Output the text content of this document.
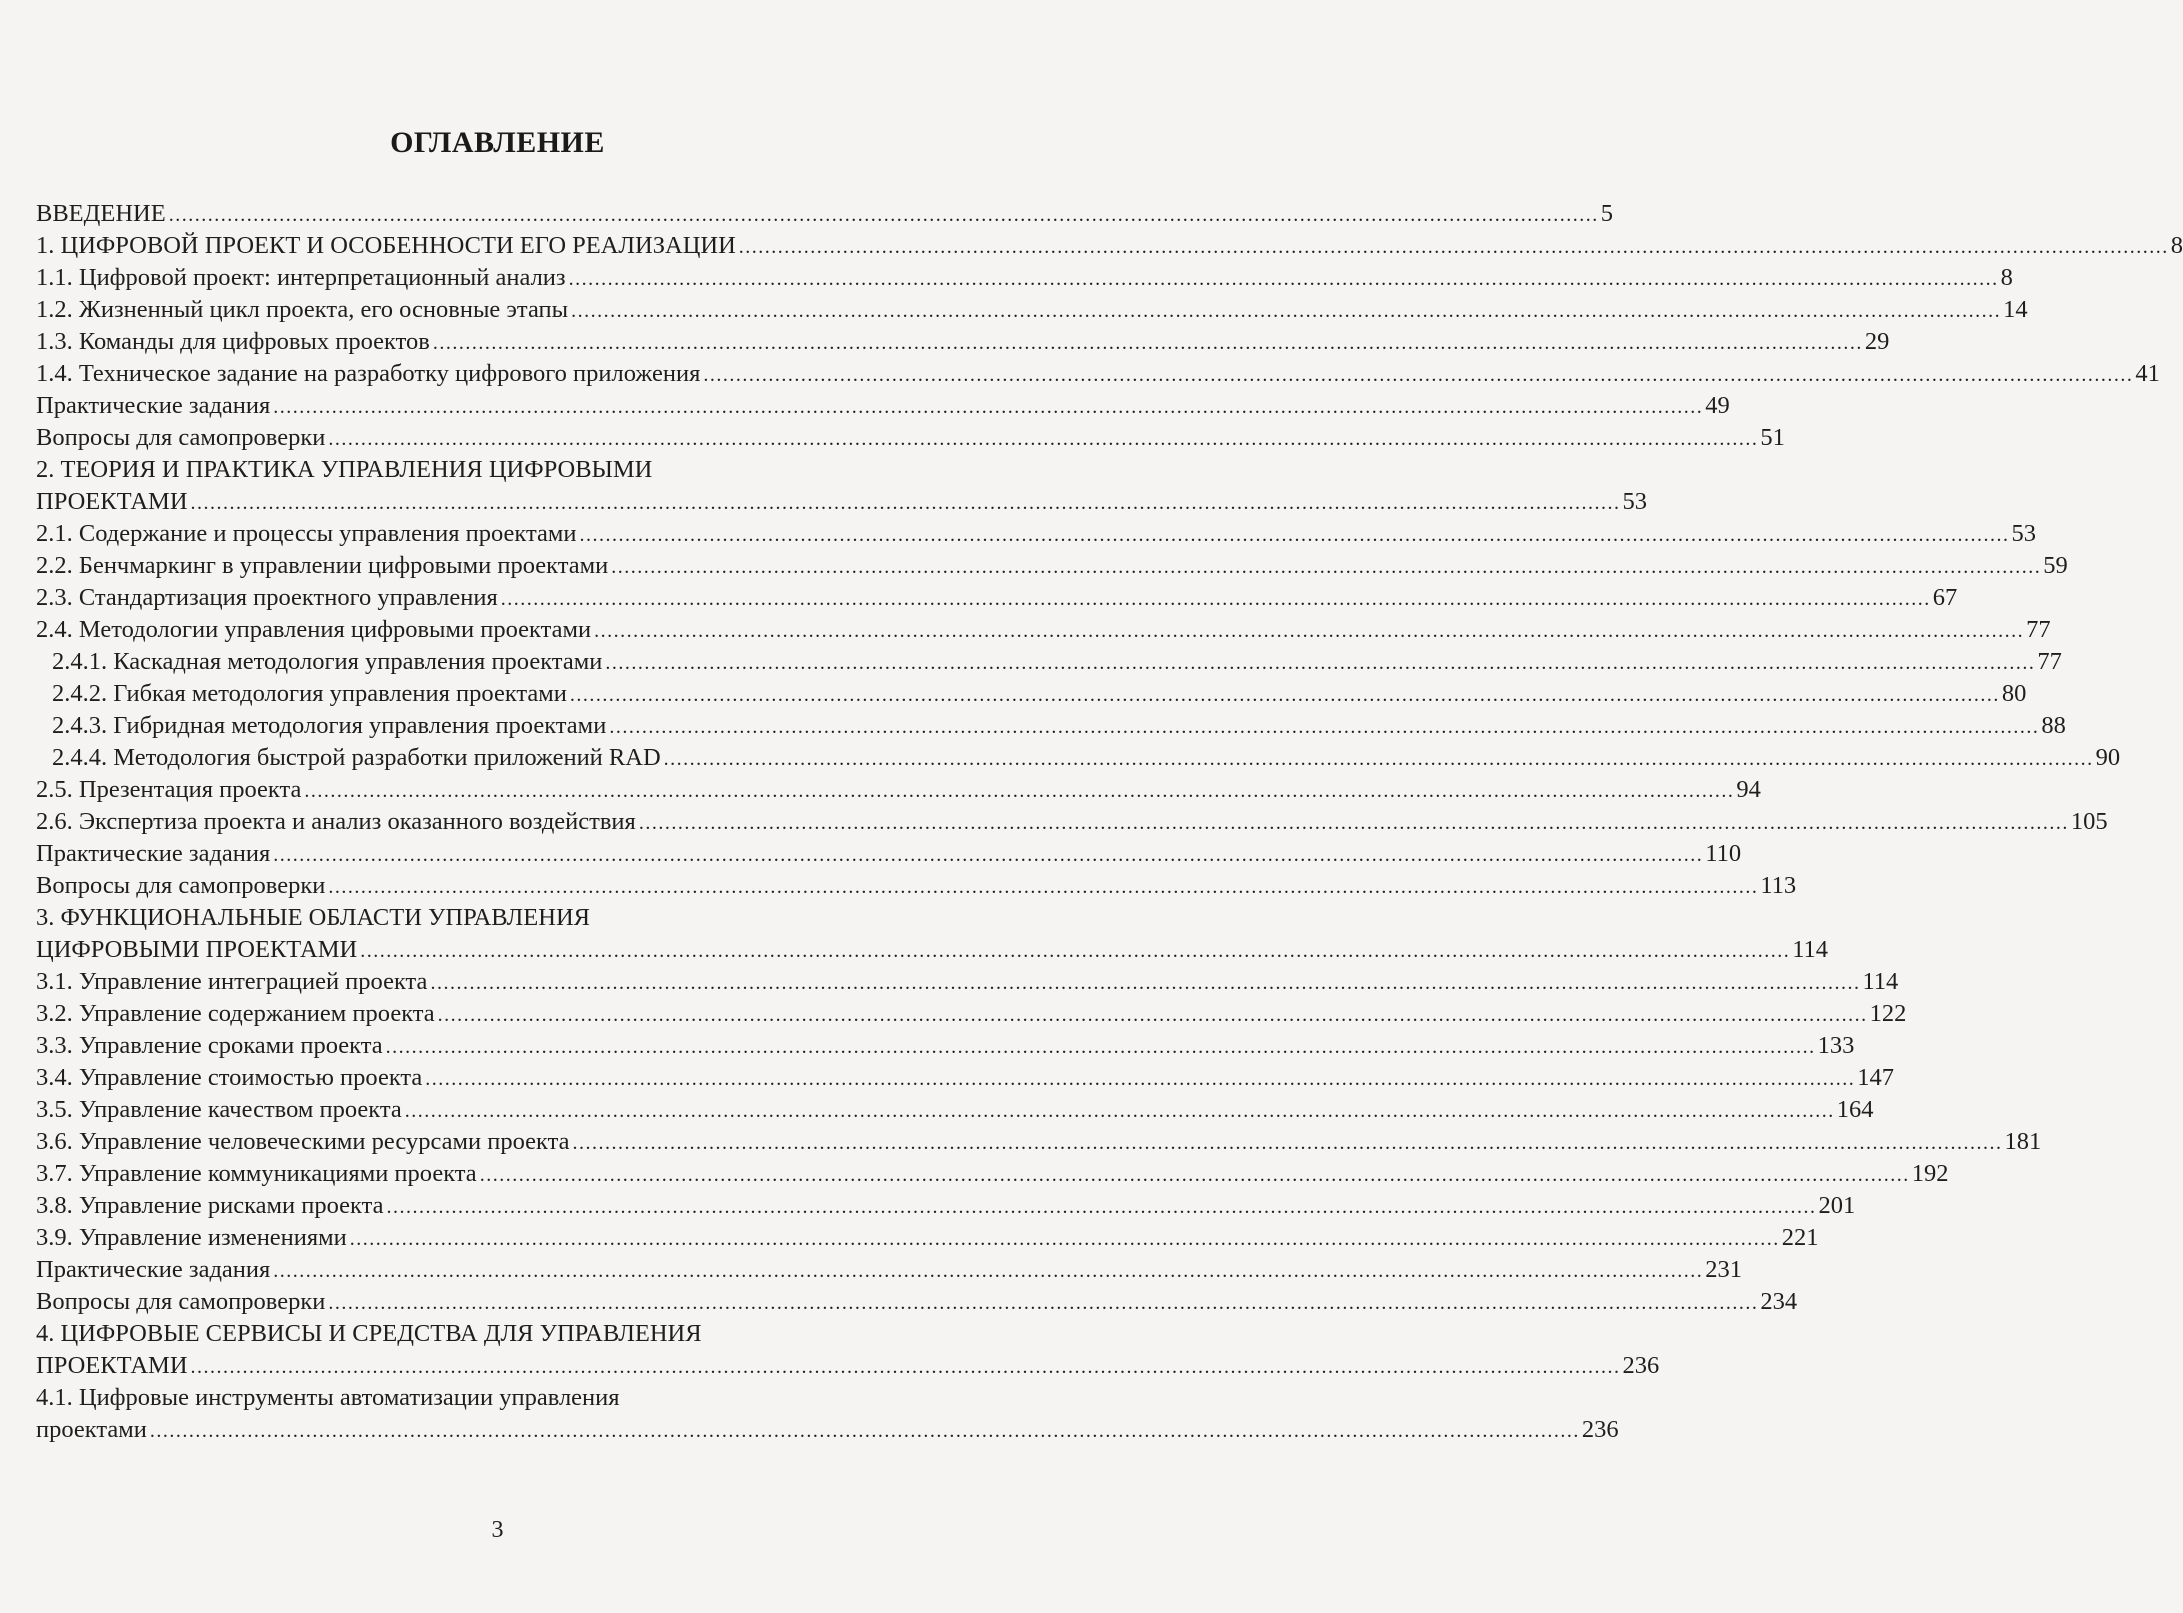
ОГЛАВЛЕНИЕ
ВВЕДЕНИЕ ............................................................................................................................................................................................................................ 5
1. ЦИФРОВОЙ ПРОЕКТ И ОСОБЕННОСТИ ЕГО РЕАЛИЗАЦИИ ............................................................................................................................................................................................................................ 8
1.1. Цифровой проект: интерпретационный анализ ............................................................................................................................................................................................................................ 8
1.2. Жизненный цикл проекта, его основные этапы ............................................................................................................................................................................................................................ 14
1.3. Команды для цифровых проектов ............................................................................................................................................................................................................................ 29
1.4. Техническое задание на разработку цифрового приложения ............................................................................................................................................................................................................................ 41
Практические задания ............................................................................................................................................................................................................................ 49
Вопросы для самопроверки ............................................................................................................................................................................................................................ 51
2. ТЕОРИЯ И ПРАКТИКА УПРАВЛЕНИЯ ЦИФРОВЫМИ
ПРОЕКТАМИ ............................................................................................................................................................................................................................ 53
2.1. Содержание и процессы управления проектами ............................................................................................................................................................................................................................ 53
2.2. Бенчмаркинг в управлении цифровыми проектами ............................................................................................................................................................................................................................ 59
2.3. Стандартизация проектного управления ............................................................................................................................................................................................................................ 67
2.4. Методологии управления цифровыми проектами ............................................................................................................................................................................................................................ 77
2.4.1. Каскадная методология управления проектами ............................................................................................................................................................................................................................ 77
2.4.2. Гибкая методология управления проектами ............................................................................................................................................................................................................................ 80
2.4.3. Гибридная методология управления проектами ............................................................................................................................................................................................................................ 88
2.4.4. Методология быстрой разработки приложений RAD ............................................................................................................................................................................................................................ 90
2.5. Презентация проекта ............................................................................................................................................................................................................................ 94
2.6. Экспертиза проекта и анализ оказанного воздействия ............................................................................................................................................................................................................................ 105
Практические задания ............................................................................................................................................................................................................................ 110
Вопросы для самопроверки ............................................................................................................................................................................................................................ 113
3. ФУНКЦИОНАЛЬНЫЕ ОБЛАСТИ УПРАВЛЕНИЯ
ЦИФРОВЫМИ ПРОЕКТАМИ ............................................................................................................................................................................................................................ 114
3.1. Управление интеграцией проекта ............................................................................................................................................................................................................................ 114
3.2. Управление содержанием проекта ............................................................................................................................................................................................................................ 122
3.3. Управление сроками проекта ............................................................................................................................................................................................................................ 133
3.4. Управление стоимостью проекта ............................................................................................................................................................................................................................ 147
3.5. Управление качеством проекта ............................................................................................................................................................................................................................ 164
3.6. Управление человеческими ресурсами проекта ............................................................................................................................................................................................................................ 181
3.7. Управление коммуникациями проекта ............................................................................................................................................................................................................................ 192
3.8. Управление рисками проекта ............................................................................................................................................................................................................................ 201
3.9. Управление изменениями ............................................................................................................................................................................................................................ 221
Практические задания ............................................................................................................................................................................................................................ 231
Вопросы для самопроверки ............................................................................................................................................................................................................................ 234
4. ЦИФРОВЫЕ СЕРВИСЫ И СРЕДСТВА ДЛЯ УПРАВЛЕНИЯ
ПРОЕКТАМИ ............................................................................................................................................................................................................................ 236
4.1. Цифровые инструменты автоматизации управления
проектами ............................................................................................................................................................................................................................ 236
3
